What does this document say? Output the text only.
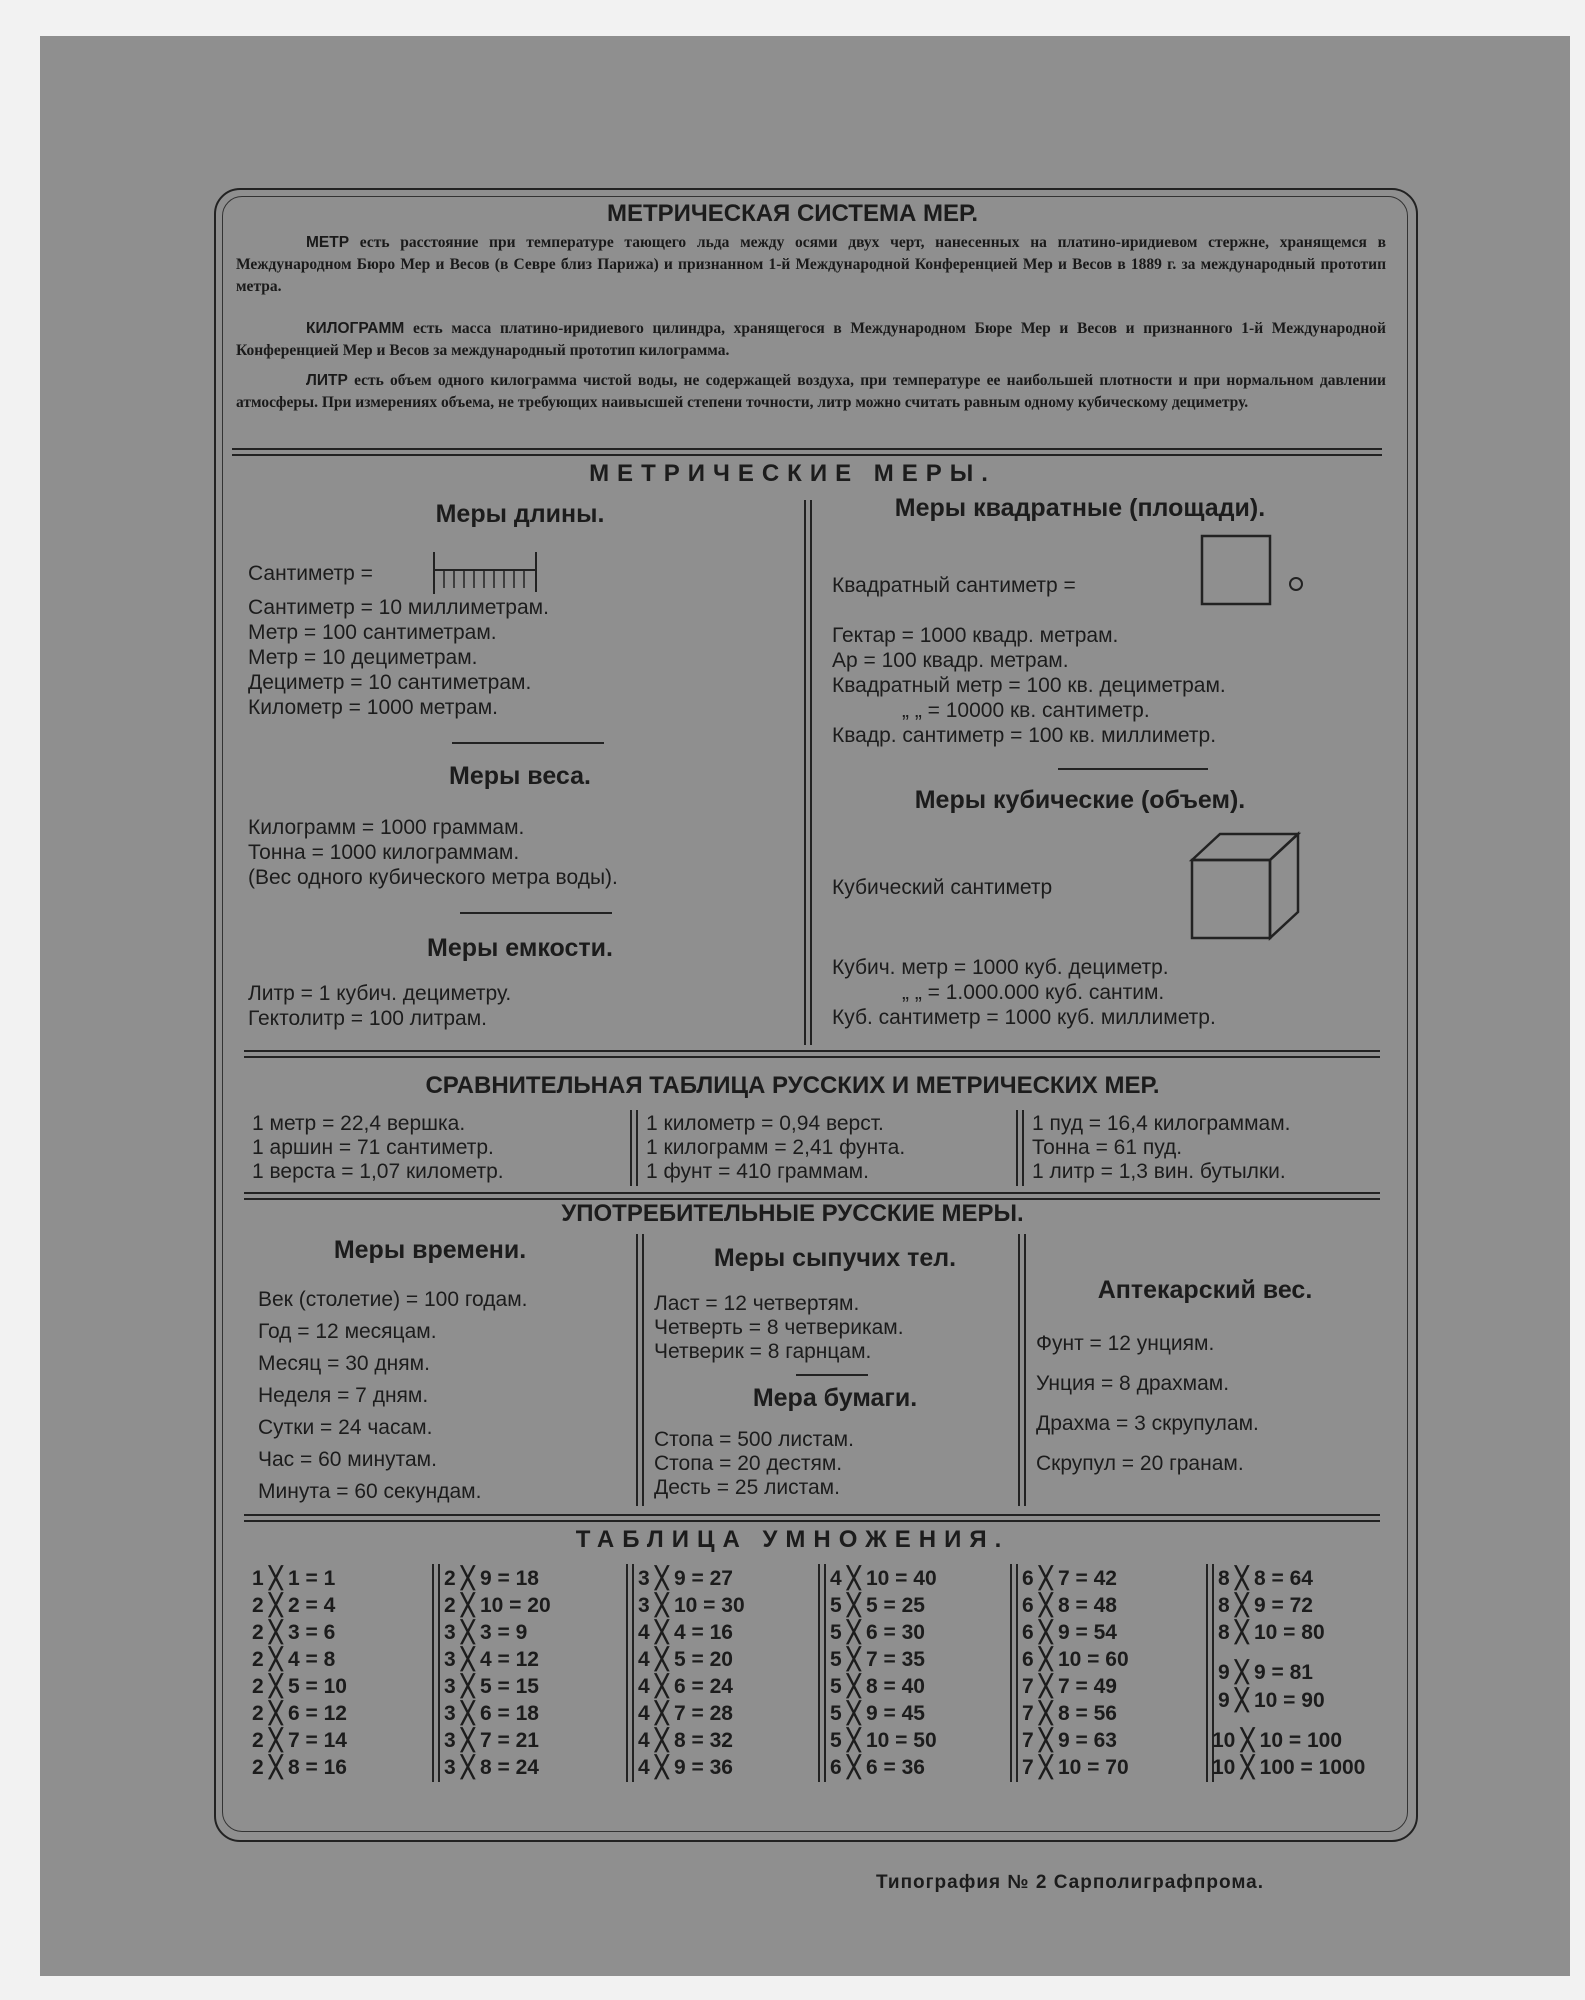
МЕТРИЧЕСКАЯ СИСТЕМА МЕР.
МЕТР есть расстояние при температуре тающего льда между осями двух черт, нанесенных на платино-иридиевом стержне, хранящемся в Международном Бюро Мер и Весов (в Севре близ Парижа) и признанном 1-й Международной Конференцией Мер и Весов в 1889 г. за международный прототип метра.
КИЛОГРАММ есть масса платино-иридиевого цилиндра, хранящегося в Международном Бюре Мер и Весов и признанного 1-й Международной Конференцией Мер и Весов за международный прототип килограмма.
ЛИТР есть объем одного килограмма чистой воды, не содержащей воздуха, при температуре ее наибольшей плотности и при нормальном давлении атмосферы. При измерениях объема, не требующих наивысшей степени точности, литр можно считать равным одному кубическому дециметру.
МЕТРИЧЕСКИЕ МЕРЫ.
Меры длины.
Сантиметр =
Сантиметр = 10 миллиметрам.
Метр = 100 сантиметрам.
Метр = 10 дециметрам.
Дециметр = 10 сантиметрам.
Километр = 1000 метрам.
Меры веса.
Килограмм = 1000 граммам.
Тонна = 1000 килограммам.
(Вес одного кубического метра воды).
Меры емкости.
Литр = 1 кубич. дециметру.
Гектолитр = 100 литрам.
Меры квадратные (площади).
Квадратный сантиметр =
Гектар = 1000 квадр. метрам.
Ар = 100 квадр. метрам.
Квадратный метр = 100 кв. дециметрам.
„ „ = 10000 кв. сантиметр.
Квадр. сантиметр = 100 кв. миллиметр.
Меры кубические (объем).
Кубический сантиметр
Кубич. метр = 1000 куб. дециметр.
„ „ = 1.000.000 куб. сантим.
Куб. сантиметр = 1000 куб. миллиметр.
СРАВНИТЕЛЬНАЯ ТАБЛИЦА РУССКИХ И МЕТРИЧЕСКИХ МЕР.
1 метр = 22,4 вершка.
1 аршин = 71 сантиметр.
1 верста = 1,07 километр.
1 километр = 0,94 верст.
1 килограмм = 2,41 фунта.
1 фунт = 410 граммам.
1 пуд = 16,4 килограммам.
Тонна = 61 пуд.
1 литр = 1,3 вин. бутылки.
УПОТРЕБИТЕЛЬНЫЕ РУССКИЕ МЕРЫ.
Меры времени.
Век (столетие) = 100 годам.
Год = 12 месяцам.
Месяц = 30 дням.
Неделя = 7 дням.
Сутки = 24 часам.
Час = 60 минутам.
Минута = 60 секундам.
Меры сыпучих тел.
Ласт = 12 четвертям.
Четверть = 8 четверикам.
Четверик = 8 гарнцам.
Мера бумаги.
Стопа = 500 листам.
Стопа = 20 дестям.
Десть = 25 листам.
Аптекарский вес.
Фунт = 12 унциям.
Унция = 8 драхмам.
Драхма = 3 скрупулам.
Скрупул = 20 гранам.
ТАБЛИЦА УМНОЖЕНИЯ.
1 ╳ 1 = 1
2 ╳ 2 = 4
2 ╳ 3 = 6
2 ╳ 4 = 8
2 ╳ 5 = 10
2 ╳ 6 = 12
2 ╳ 7 = 14
2 ╳ 8 = 16
2 ╳ 9 = 18
2 ╳ 10 = 20
3 ╳ 3 = 9
3 ╳ 4 = 12
3 ╳ 5 = 15
3 ╳ 6 = 18
3 ╳ 7 = 21
3 ╳ 8 = 24
3 ╳ 9 = 27
3 ╳ 10 = 30
4 ╳ 4 = 16
4 ╳ 5 = 20
4 ╳ 6 = 24
4 ╳ 7 = 28
4 ╳ 8 = 32
4 ╳ 9 = 36
4 ╳ 10 = 40
5 ╳ 5 = 25
5 ╳ 6 = 30
5 ╳ 7 = 35
5 ╳ 8 = 40
5 ╳ 9 = 45
5 ╳ 10 = 50
6 ╳ 6 = 36
6 ╳ 7 = 42
6 ╳ 8 = 48
6 ╳ 9 = 54
6 ╳ 10 = 60
7 ╳ 7 = 49
7 ╳ 8 = 56
7 ╳ 9 = 63
7 ╳ 10 = 70
8 ╳ 8 = 64
8 ╳ 9 = 72
8 ╳ 10 = 80
9 ╳ 9 = 81
9 ╳ 10 = 90
10 ╳ 10 = 100
10 ╳ 100 = 1000
Типография № 2 Сарполиграфпрома.
